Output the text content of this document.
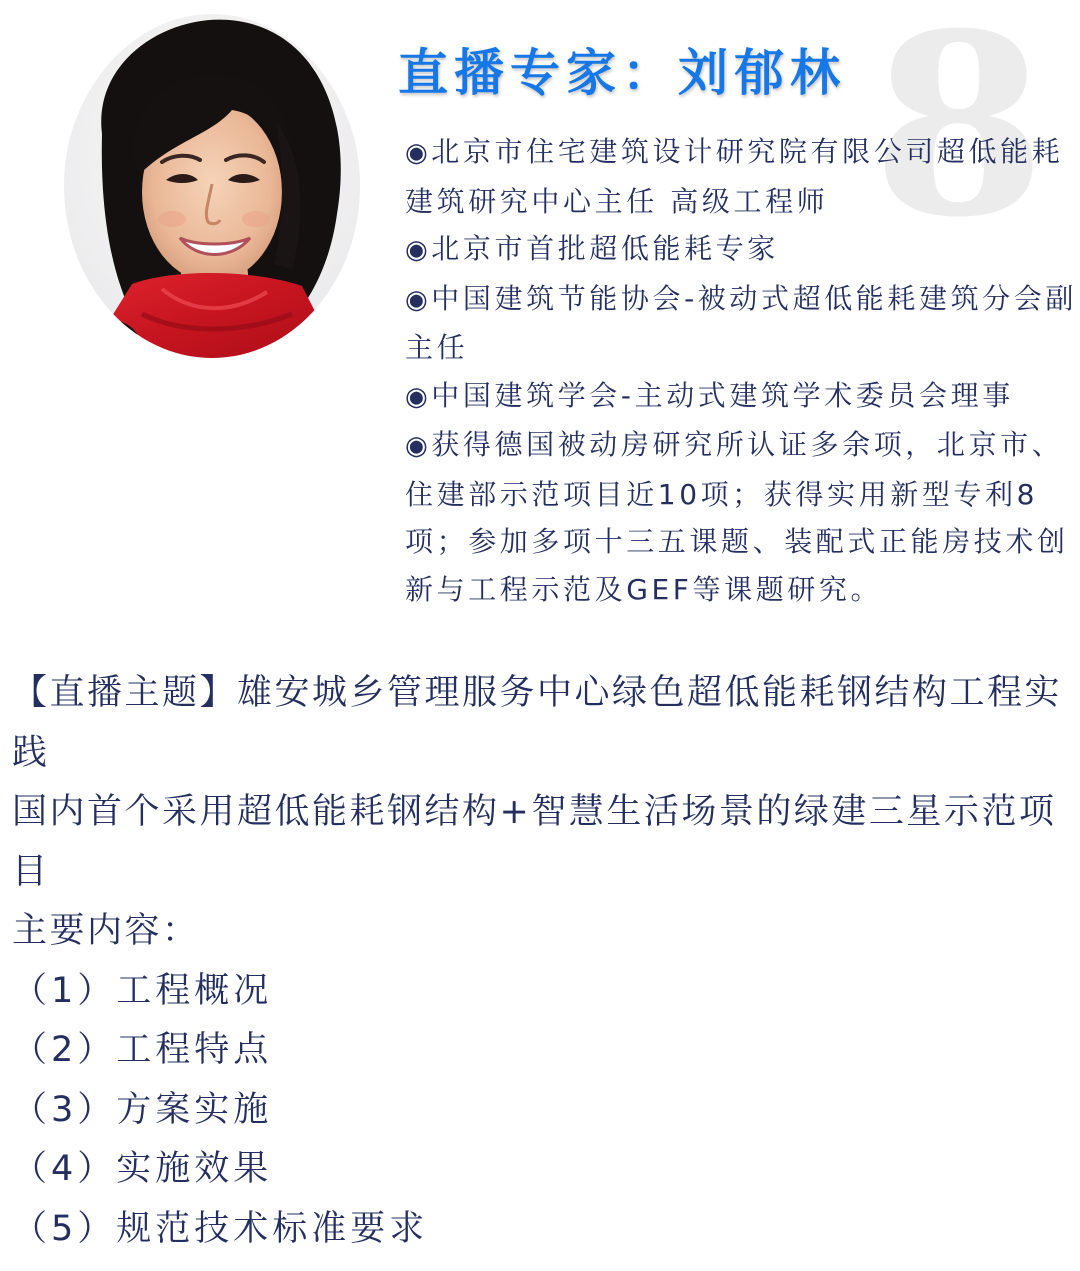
8
直播专家：刘郁林
◉北京市住宅建筑设计研究院有限公司超低能耗建筑研究中心主任 高级工程师
◉北京市首批超低能耗专家
◉中国建筑节能协会-被动式超低能耗建筑分会副主任
◉中国建筑学会-主动式建筑学术委员会理事
◉获得德国被动房研究所认证多余项，北京市、住建部示范项目近10项；获得实用新型专利8项；参加多项十三五课题、装配式正能房技术创新与工程示范及GEF等课题研究。

【直播主题】雄安城乡管理服务中心绿色超低能耗钢结构工程实践

国内首个采用超低能耗钢结构+智慧生活场景的绿建三星示范项目

主要内容：

（1）工程概况

（2）工程特点

（3）方案实施

（4）实施效果

（5）规范技术标准要求
